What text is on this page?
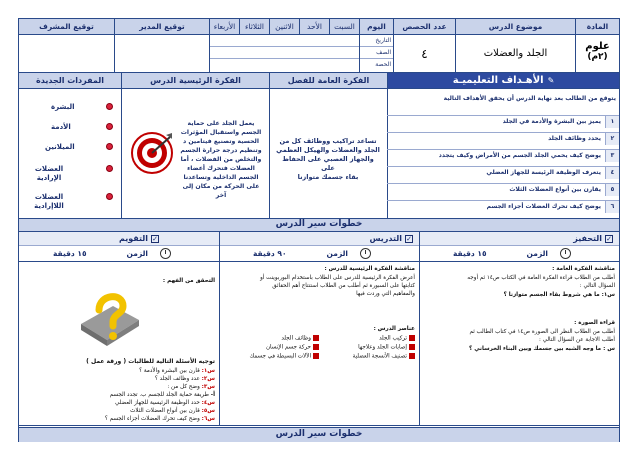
المادة
علوم
(٢م)
موضوع الدرس
الجلد والعضلات
عدد الحصص
٤
اليوم
التاريخ
الصف
الحصة
السبت
الأحد
الاثنين
الثلاثاء
الأربعاء
توقيع المدير
توقيع المشرف
✎
الأهـداف التعليميـة
الفكرة العامة للفصل
الفكرة الرئيسية الدرس
المفردات الجديدة
يتوقع من الطالب بعد نهاية الدرس أن يحقق الأهداف التالية
١
يميز بين البشرة والأدمة في الجلد
٢
يحدد وظائف الجلد
٣
يوضح كيف يحمي الجلد الجسم من الأمراض وكيف يتجدد
٤
يتعرف الوظيفة الرئيسة للجهاز العضلي
٥
يقارن بين أنواع العضلات الثلاث
٦
يوضح كيف تحرك العضلات أجزاء الجسم
تساعد تراكيب ووظائف كل من
الجلد والعضلات والهيكل العظمي
والجهاز العصبي على الحفاظ على
بقاء جسمك متوازنا
يعمل الجلد على حماية
الجسم واستقبال المؤثرات
الحسية وتصنيع فيتامين د
وتنظيم درجة حرارة الجسم
والتخلص من الفضلات ، أما
العضلات فتحرك أعضاء
الجسم الداخلية وتساعدنا
على الحركة من مكان إلى
آخر
البشرة
الأدمة
الميلانين
العضلات الإرادية
العضلات اللاإرادية
خطوات سير الدرس
✓
التحفيز
الزمن
١٥ دقيقة
✓
التدريس
الزمن
٩٠ دقيقة
✓
التقويم
الزمن
١٥ دقيقة
مناقشة الفكرة العامة :
أطلب من الطلاب قراءة الفكرة العامة في الكتاب ص١٤ ثم أوجه
السؤال التالي :
س١: ما هي شروط بقاء الجسم متوازنا ؟
قراءة الصورة :
أطلب من الطلاب النظر الى الصورة ص١٤ في كتاب الطالب ثم
أطلب الاجابة عن السؤال التالي :
س : ما وجه الشبه بين جسمك وبين البناء الخرساني ؟
مناقشة الفكرة الرئيسية للدرس :
أعرض الفكرة الرئيسية للدرس على الطلاب باستخدام البوربوينت أو
كتابتها على السبورة ثم أطلب من الطلاب استنتاج أهم الحقائق
والمفاهيم التي وردت فيها
عناصر الدرس :
تركيب الجلد
إصابات الجلد وعلاجها
تصنيف الأنسجة العضلية
وظائف الجلد
حركة جسم الإنسان
الآلات البسيطة في جسمك
التحقق من الفهم :
توجيه الأسئلة التالية للطالبات ( ورقة عمل )
س١: قارن بين البشرة والأدمة ؟
س٢: عدد وظائف الجلد ؟
س٣: وضح كل من :
أ- طريقة حماية الجلد للجسم ب. تجدد الجسم
س٤: حدد الوظيفة الرئيسية للجهاز العضلي
س٥: قارن بين أنواع العضلات الثلاث
س٦: وضح كيف تحرك العضلات أجزاء الجسم ؟
خطوات سير الدرس
